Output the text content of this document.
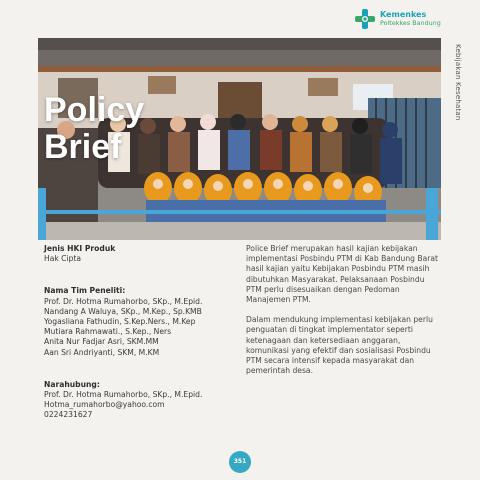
Kemenkes
Poltekkes Bandung
Kebijakan Kesehatan
Policy
Brief
Jenis HKI Produk
Hak Cipta
Nama Tim Peneliti:
Prof. Dr. Hotma Rumahorbo, SKp., M.Epid.
Nandang A Waluya, SKp., M.Kep., Sp.KMB
Yogasliana Fathudin, S.Kep.Ners., M.Kep
Mutiara Rahmawati., S.Kep., Ners
Anita Nur Fadjar Asri, SKM.MM
Aan Sri Andriyanti, SKM, M.KM
Narahubung:
Prof. Dr. Hotma Rumahorbo, SKp., M.Epid.
Hotma_rumahorbo@yahoo.com
0224231627
Police Brief merupakan hasil kajian kebijakan implementasi Posbindu PTM di Kab Bandung Barat hasil kajian yaitu Kebijakan Posbindu PTM masih dibutuhkan Masyarakat. Pelaksanaan Posbindu PTM perlu disesuaikan dengan Pedoman Manajemen PTM.
Dalam mendukung implementasi kebijakan perlu penguatan di tingkat implementator seperti ketenagaan dan ketersediaan anggaran, komunikasi yang efektif dan sosialisasi Posbindu PTM secara intensif kepada masyarakat dan pemerintah desa.
351
